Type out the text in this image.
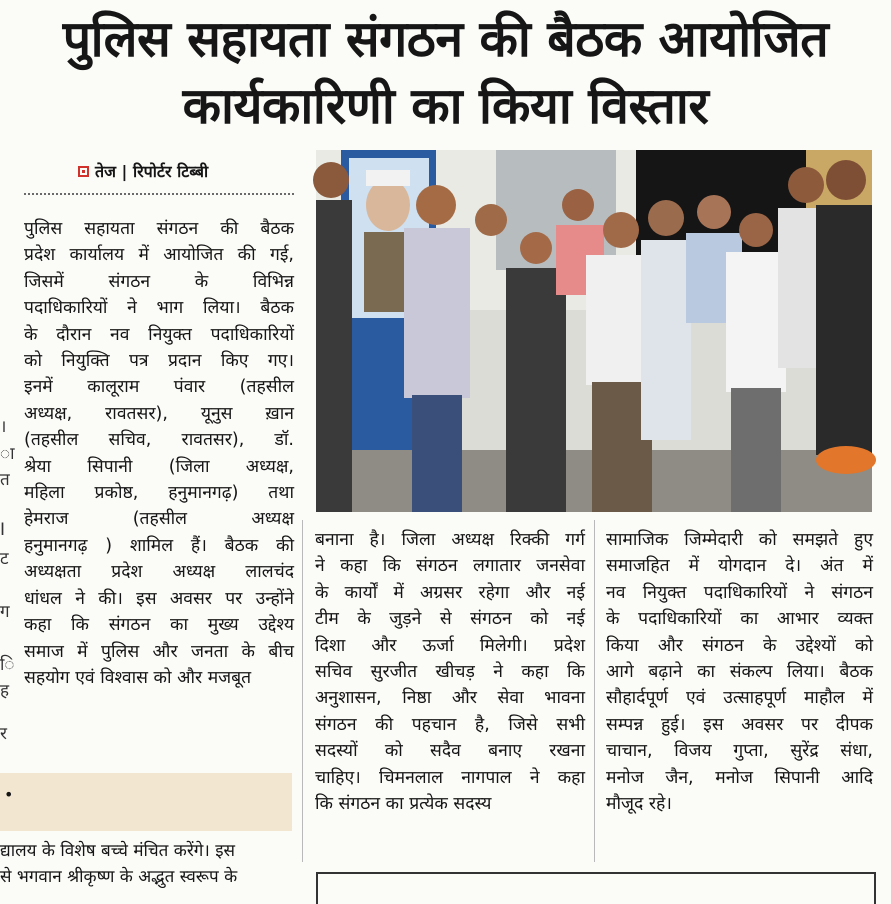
पुलिस सहायता संगठन की बैठक आयोजित
कार्यकारिणी का किया विस्तार
तेज | रिपोर्टर टिब्बी
।
ा
त
I
ट
ग
ि
ह
र
पुलिस सहायता संगठन की बैठक
प्रदेश कार्यालय में आयोजित की गई,
जिसमें संगठन के विभिन्न
पदाधिकारियों ने भाग लिया। बैठक
के दौरान नव नियुक्त पदाधिकारियों
को नियुक्ति पत्र प्रदान किए गए।
इनमें कालूराम पंवार (तहसील
अध्यक्ष, रावतसर), यूनुस ख़ान
(तहसील सचिव, रावतसर), डॉ.
श्रेया सिपानी (जिला अध्यक्ष,
महिला प्रकोष्ठ, हनुमानगढ़) तथा
हेमराज (तहसील अध्यक्ष
हनुमानगढ़ ) शामिल हैं। बैठक की
अध्यक्षता प्रदेश अध्यक्ष लालचंद
धांधल ने की। इस अवसर पर उन्होंने
कहा कि संगठन का मुख्य उद्देश्य
समाज में पुलिस और जनता के बीच
सहयोग एवं विश्वास को और मजबूत
बनाना है। जिला अध्यक्ष रिक्की गर्ग
ने कहा कि संगठन लगातार जनसेवा
के कार्यों में अग्रसर रहेगा और नई
टीम के जुड़ने से संगठन को नई
दिशा और ऊर्जा मिलेगी। प्रदेश
सचिव सुरजीत खीचड़ ने कहा कि
अनुशासन, निष्ठा और सेवा भावना
संगठन की पहचान है, जिसे सभी
सदस्यों को सदैव बनाए रखना
चाहिए। चिमनलाल नागपाल ने कहा
कि संगठन का प्रत्येक सदस्य
सामाजिक जिम्मेदारी को समझते हुए
समाजहित में योगदान दे। अंत में
नव नियुक्त पदाधिकारियों ने संगठन
के पदाधिकारियों का आभार व्यक्त
किया और संगठन के उद्देश्यों को
आगे बढ़ाने का संकल्प लिया। बैठक
सौहार्दपूर्ण एवं उत्साहपूर्ण माहौल में
सम्पन्न हुई। इस अवसर पर दीपक
चाचान, विजय गुप्ता, सुरेंद्र संधा,
मनोज जैन, मनोज सिपानी आदि
मौजूद रहे।
•
द्यालय के विशेष बच्चे मंचित करेंगे। इस
से भगवान श्रीकृष्ण के अद्भुत स्वरूप के
